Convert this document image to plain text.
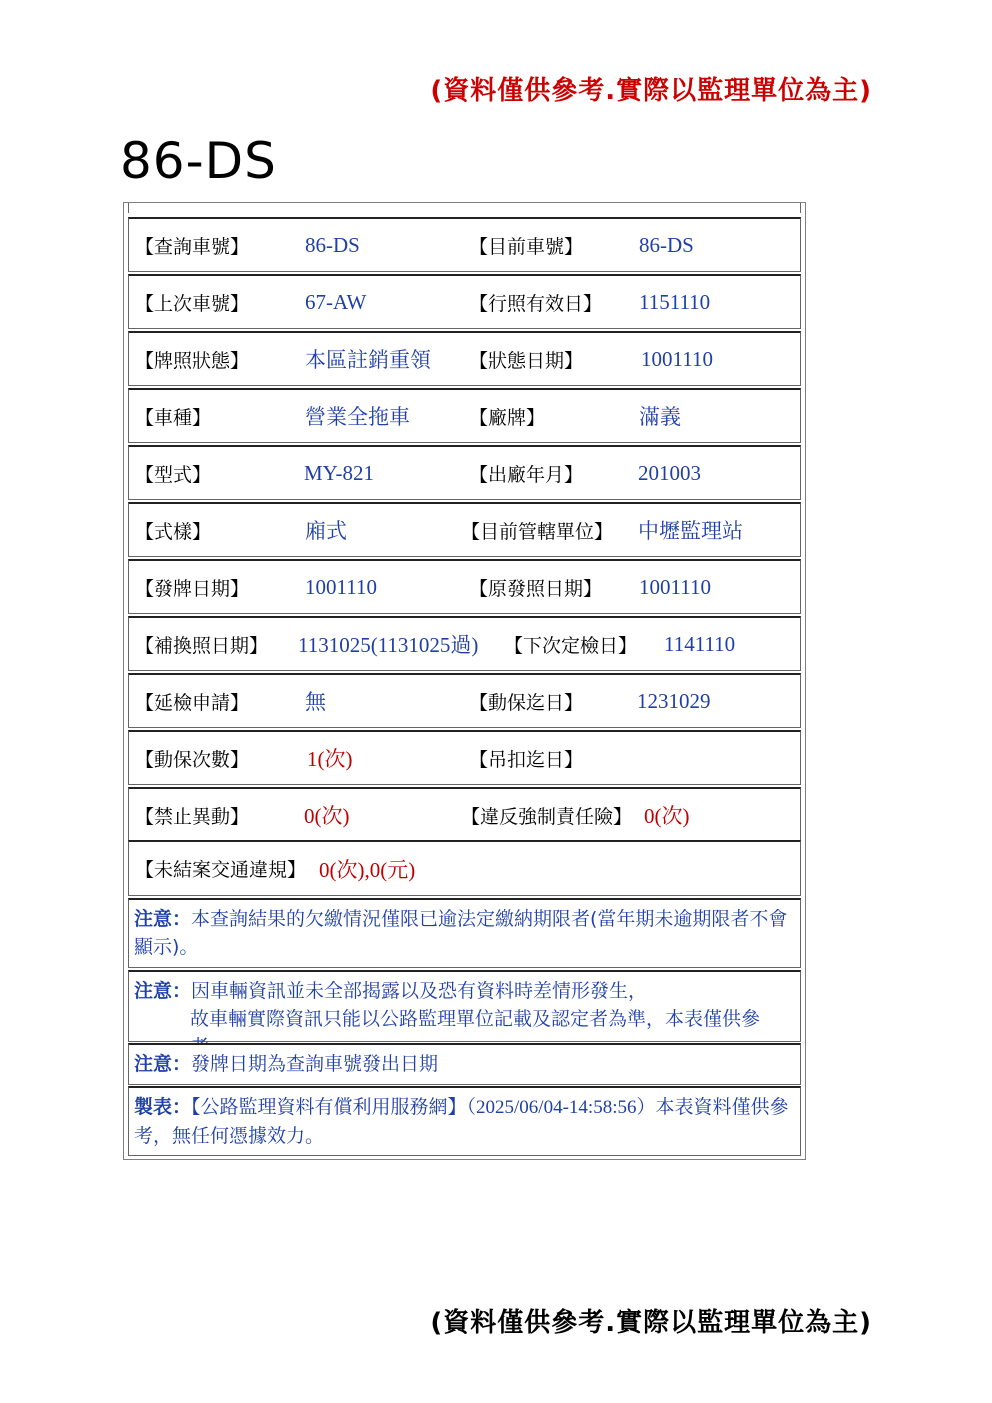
(資料僅供參考.實際以監理單位為主)
86-DS
【查詢車號】	86-DS	【目前車號】	86-DS
【上次車號】	67-AW	【行照有效日】 1151110
【牌照狀態】	本區註銷重領 【狀態日期】	1001110
【車種】	營業全拖車	【廠牌】	滿義
【型式】	MY-821	【出廠年月】	201003
【式樣】	廂式	【目前管轄單位】 中壢監理站
【發牌日期】	1001110	【原發照日期】 1001110
【補換照日期】 1131025(1131025過) 【下次定檢日】 1141110
【延檢申請】	無	【動保迄日】	1231029
【動保次數】	1(次)	【吊扣迄日】
【禁止異動】	0(次)	【違反強制責任險】 0(次)
【未結案交通違規】 0(次),0(元)
注意：本查詢結果的欠繳情況僅限已逾法定繳納期限者(當年期未逾期限者不會顯示)。
注意：因車輛資訊並未全部揭露以及恐有資料時差情形發生，
故車輛實際資訊只能以公路監理單位記載及認定者為準，本表僅供參
注意：發牌日期為查詢車號發出日期
製表：【公路監理資料有償利用服務網】（2025/06/04-14:58:56）本表資料僅供參考，無任何憑據效力。
(資料僅供參考.實際以監理單位為主)
